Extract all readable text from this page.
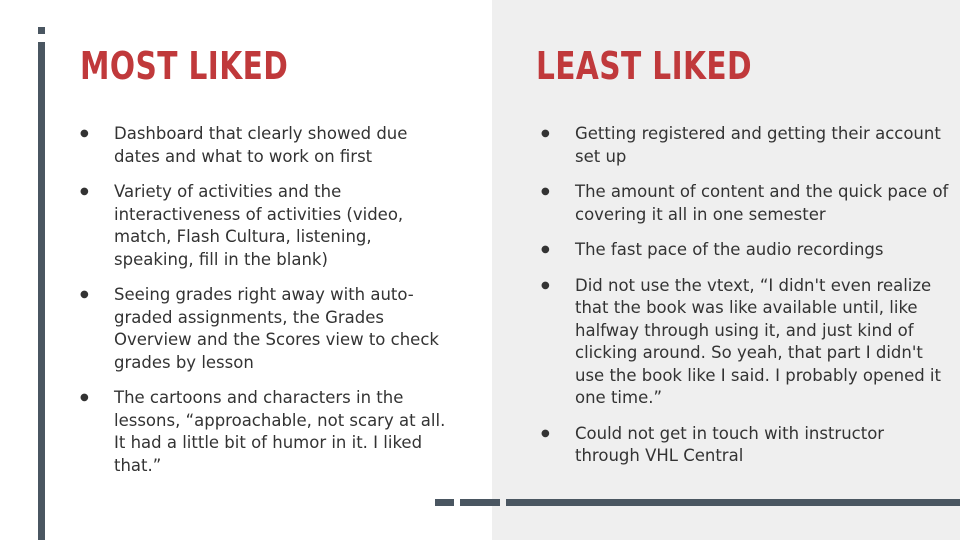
MOST LIKED	LEAST LIKED
● Dashboard that clearly showed due dates and what to work on first
● Variety of activities and the interactiveness of activities (video, match, Flash Cultura, listening, speaking, fill in the blank)
● Seeing grades right away with auto-graded assignments, the Grades Overview and the Scores view to check grades by lesson
● The cartoons and characters in the lessons, “approachable, not scary at all. It had a little bit of humor in it. I liked that.”
● Getting registered and getting their account set up
● The amount of content and the quick pace of covering it all in one semester
● The fast pace of the audio recordings
● Did not use the vtext, “I didn't even realize that the book was like available until, like halfway through using it, and just kind of clicking around. So yeah, that part I didn't use the book like I said. I probably opened it one time.”
● Could not get in touch with instructor through VHL Central
